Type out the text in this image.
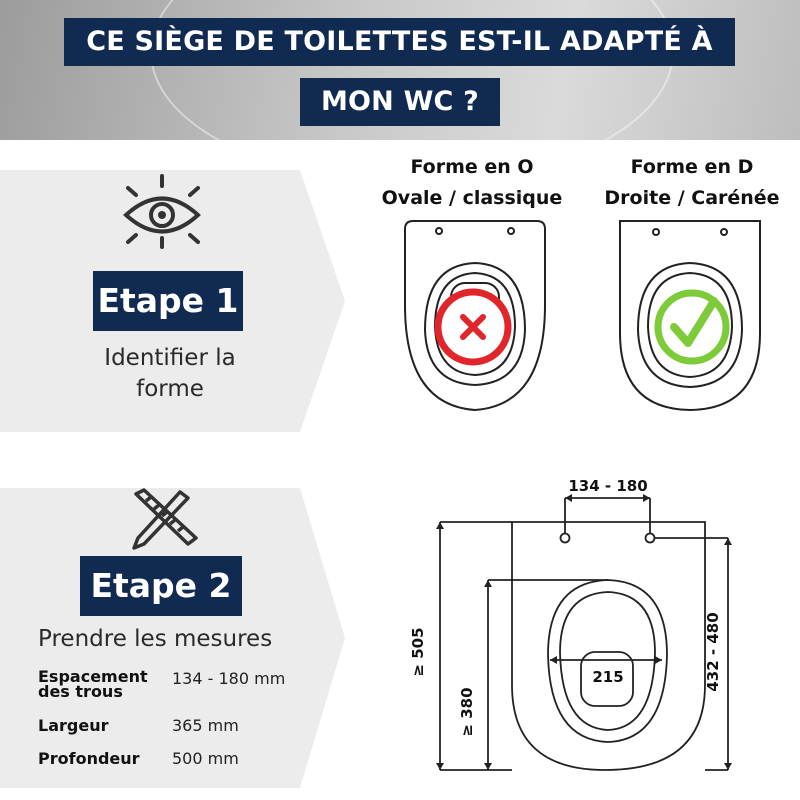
CE SIÈGE DE TOILETTES EST-IL ADAPTÉ À
MON WC ?
Etape 1
Identifier la forme
Etape 2
Prendre les mesures
Espacement des trous
134 - 180 mm
Largeur	365 mm
Profondeur	500 mm
Forme en O
Ovale / classique
Forme en D
Droite / Carénée
134 - 180
215
≥ 505
≥ 380
432 - 480
